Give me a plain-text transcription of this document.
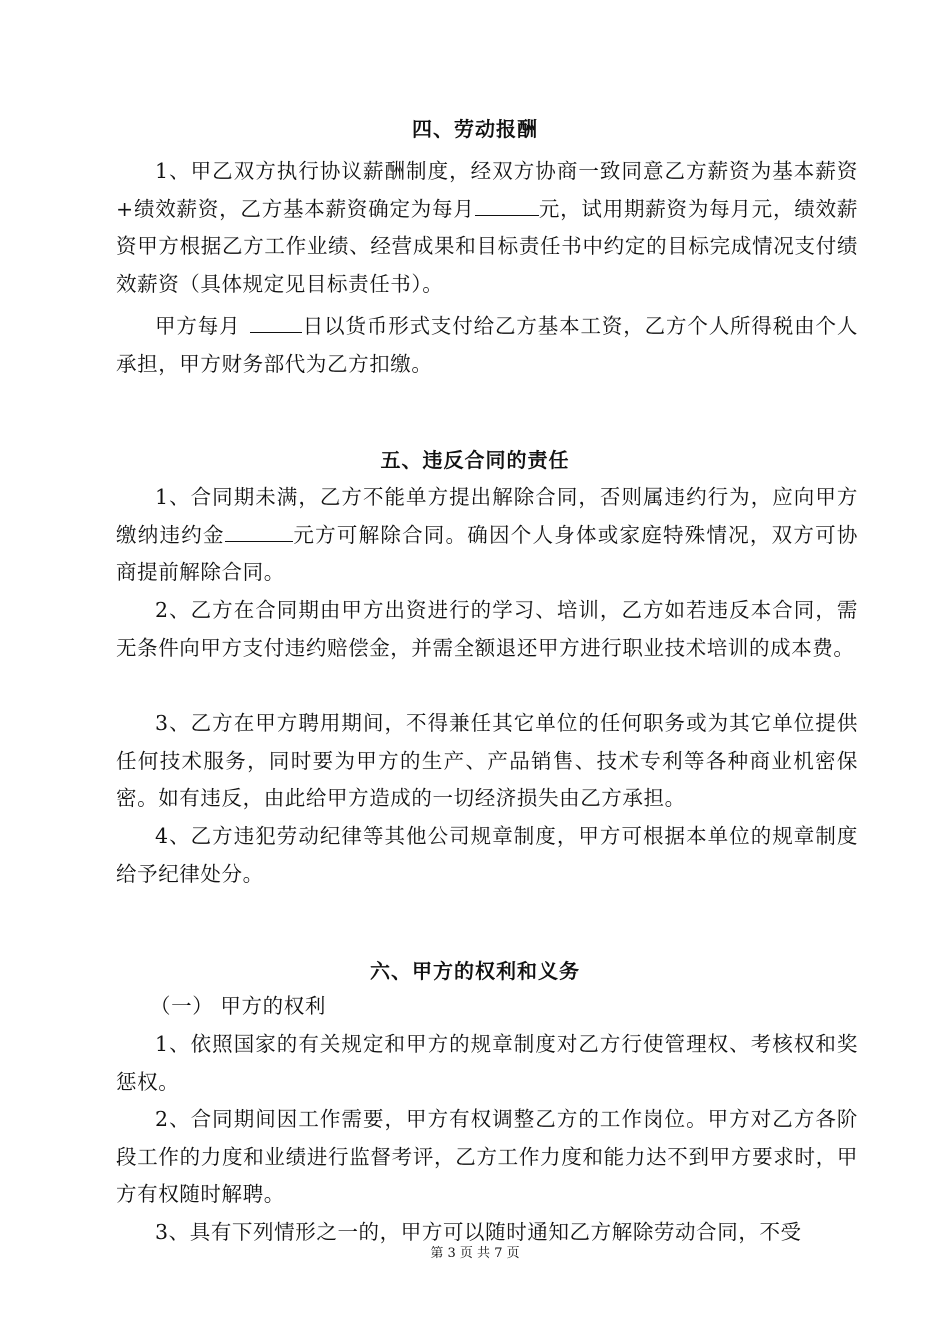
四、劳动报酬
1、甲乙双方执行协议薪酬制度，经双方协商一致同意乙方薪资为基本薪资+绩效薪资，乙方基本薪资确定为每月	元，试用期薪资为每月元，绩效薪资甲方根据乙方工作业绩、经营成果和目标责任书中约定的目标完成情况支付绩效薪资（具体规定见目标责任书）。
甲方每月	日以货币形式支付给乙方基本工资，乙方个人所得税由个人承担，甲方财务部代为乙方扣缴。
五、违反合同的责任
1、合同期未满，乙方不能单方提出解除合同，否则属违约行为，应向甲方缴纳违约金	元方可解除合同。确因个人身体或家庭特殊情况，双方可协商提前解除合同。
2、乙方在合同期由甲方出资进行的学习、培训，乙方如若违反本合同，需无条件向甲方支付违约赔偿金，并需全额退还甲方进行职业技术培训的成本费。
3、乙方在甲方聘用期间，不得兼任其它单位的任何职务或为其它单位提供任何技术服务，同时要为甲方的生产、产品销售、技术专利等各种商业机密保密。如有违反，由此给甲方造成的一切经济损失由乙方承担。
4、乙方违犯劳动纪律等其他公司规章制度，甲方可根据本单位的规章制度给予纪律处分。
六、甲方的权利和义务
（一） 甲方的权利
1、依照国家的有关规定和甲方的规章制度对乙方行使管理权、考核权和奖惩权。
2、合同期间因工作需要，甲方有权调整乙方的工作岗位。甲方对乙方各阶段工作的力度和业绩进行监督考评，乙方工作力度和能力达不到甲方要求时，甲方有权随时解聘。
3、具有下列情形之一的，甲方可以随时通知乙方解除劳动合同，不受
第 3 页 共 7 页
